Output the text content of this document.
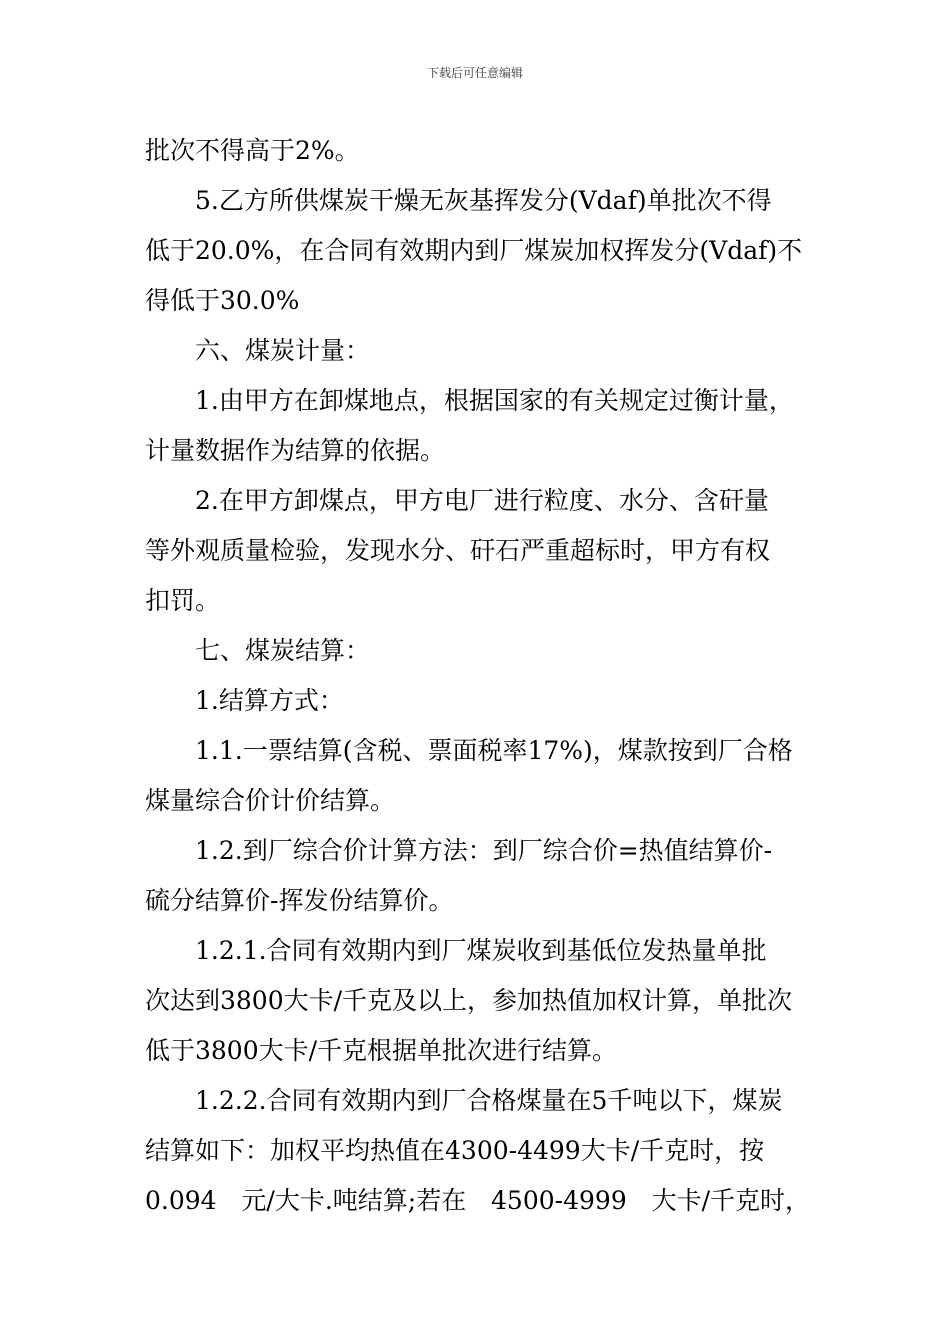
下载后可任意编辑
批次不得高于2%。
5.乙方所供煤炭干燥无灰基挥发分(Vdaf)单批次不得
低于20.0%，在合同有效期内到厂煤炭加权挥发分(Vdaf)不
得低于30.0%
六、煤炭计量：
1.由甲方在卸煤地点，根据国家的有关规定过衡计量，
计量数据作为结算的依据。
2.在甲方卸煤点，甲方电厂进行粒度、水分、含矸量
等外观质量检验，发现水分、矸石严重超标时，甲方有权
扣罚。
七、煤炭结算：
1.结算方式：
1.1.一票结算(含税、票面税率17%)，煤款按到厂合格
煤量综合价计价结算。
1.2.到厂综合价计算方法：到厂综合价=热值结算价-
硫分结算价-挥发份结算价。
1.2.1.合同有效期内到厂煤炭收到基低位发热量单批
次达到3800大卡/千克及以上，参加热值加权计算，单批次
低于3800大卡/千克根据单批次进行结算。
1.2.2.合同有效期内到厂合格煤量在5千吨以下，煤炭
结算如下：加权平均热值在4300-4499大卡/千克时，按
0.094 元/大卡.吨结算;若在 4500-4999 大卡/千克时，
